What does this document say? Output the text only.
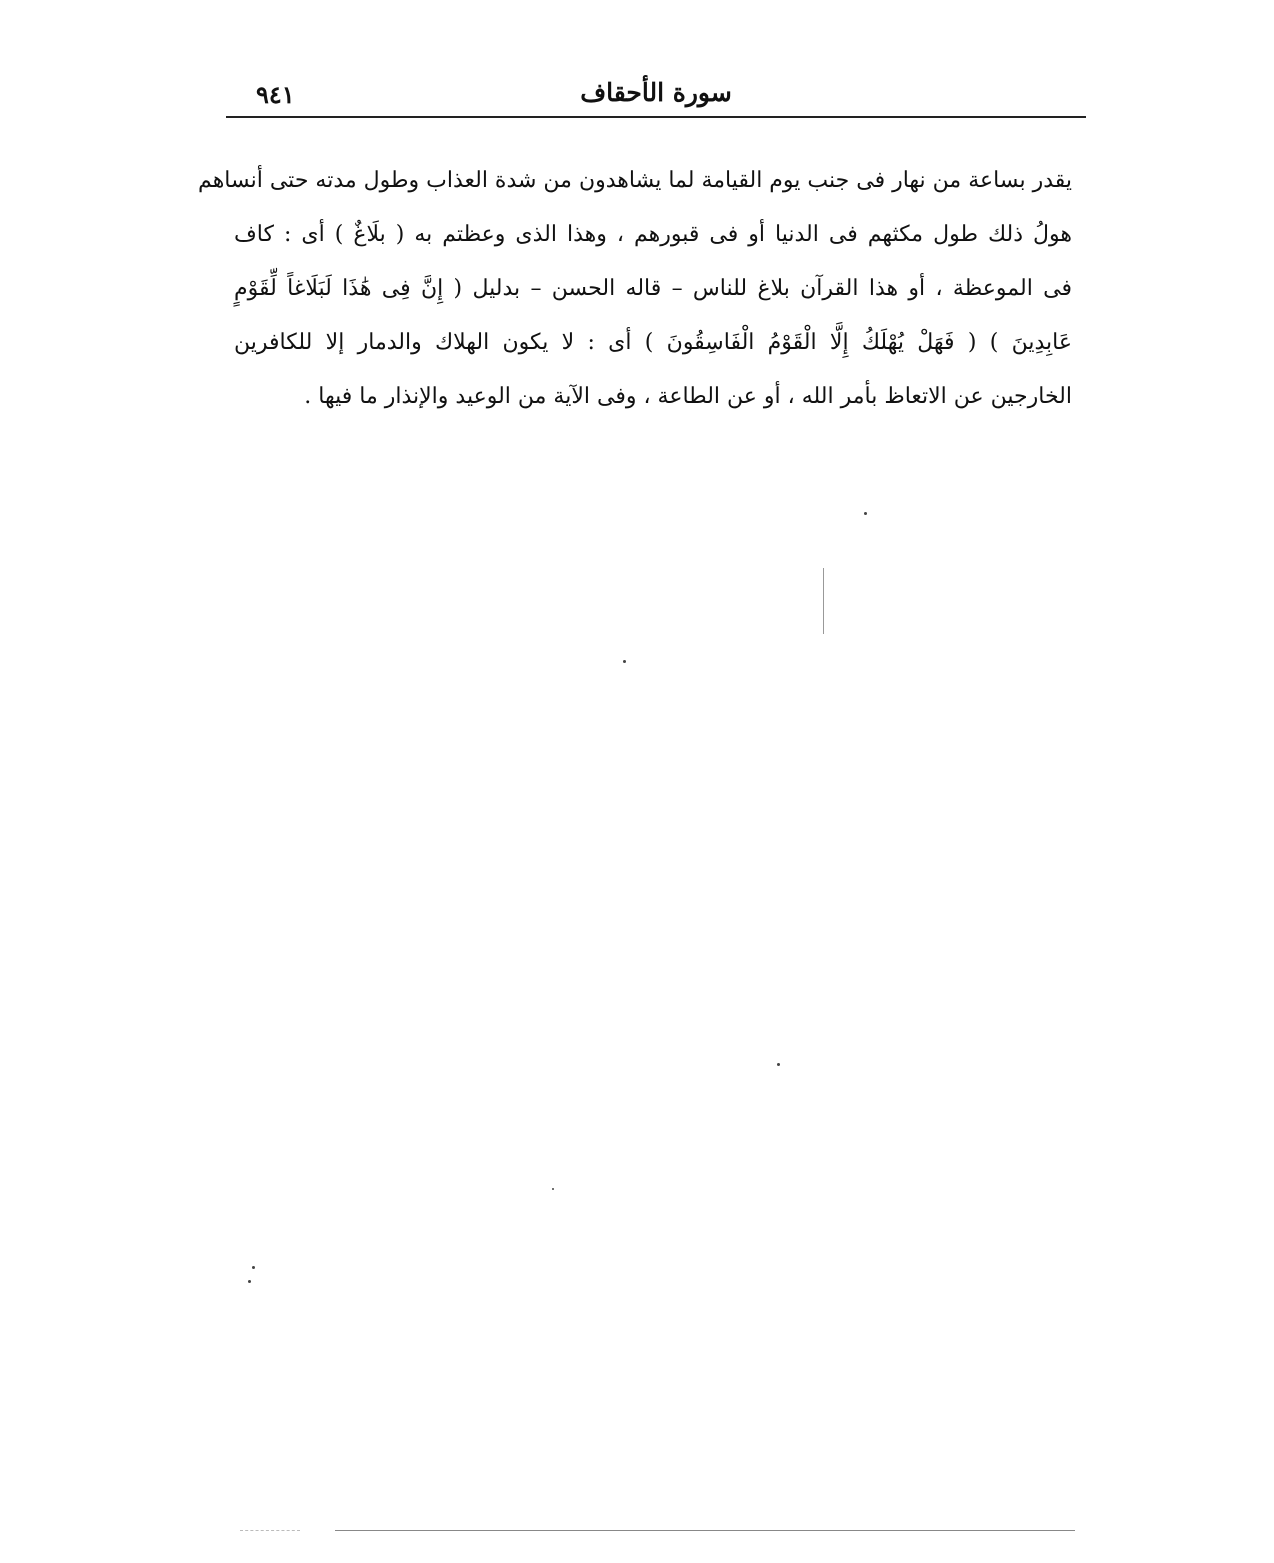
سورة الأحقاف
٩٤١
يقدر بساعة من نهار فى جنب يوم القيامة لما يشاهدون من شدة العذاب وطول مدته حتى أنساهم
هولُ ذلك طول مكثهم فى الدنيا أو فى قبورهم ، وهذا الذى وعظتم به ( بلَاغٌ ) أى : كاف
فى الموعظة ، أو هذا القرآن بلاغ للناس – قاله الحسن – بدليل ( إِنَّ فِى هَٰذَا لَبَلَاغاً لِّقَوْمٍ
عَابِدِينَ ) ( فَهَلْ يُهْلَكُ إِلَّا الْقَوْمُ الْفَاسِقُونَ ) أى : لا يكون الهلاك والدمار إلا للكافرين
الخارجين عن الاتعاظ بأمر الله ، أو عن الطاعة ، وفى الآية من الوعيد والإنذار ما فيها .
